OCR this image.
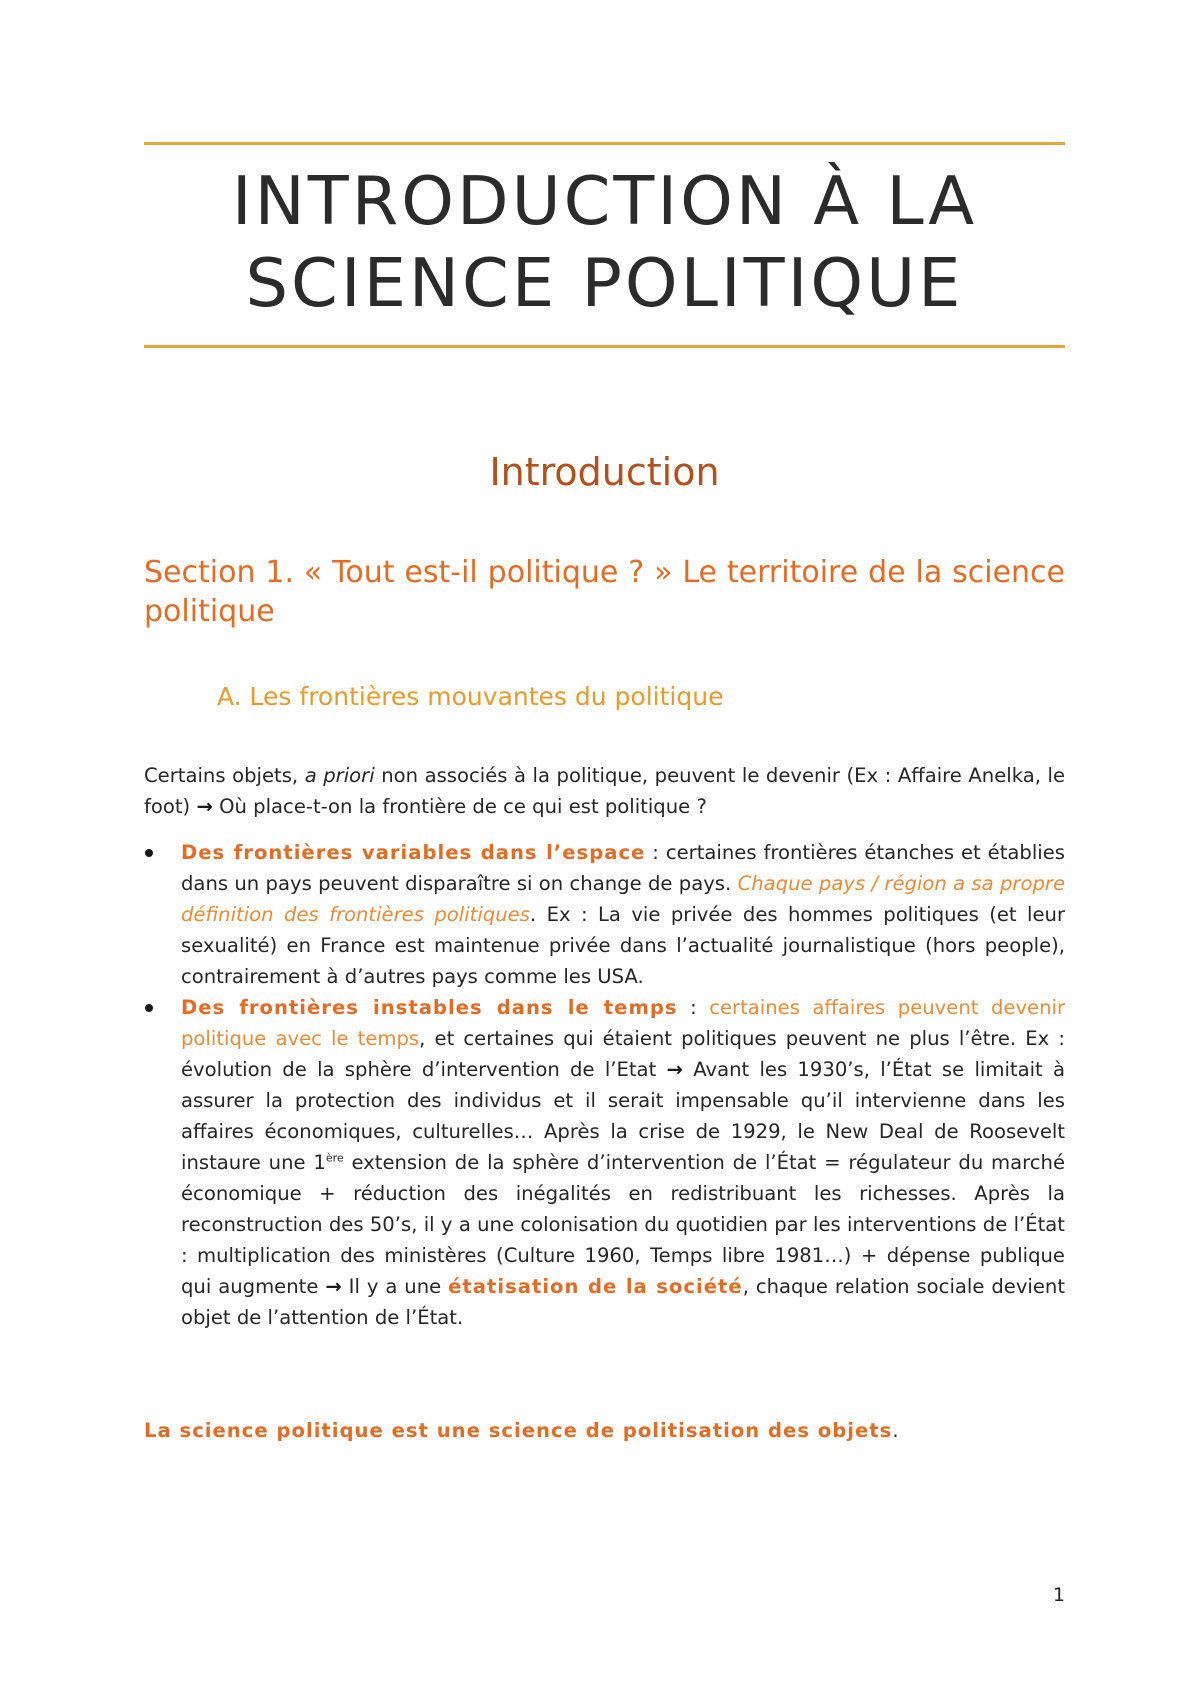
INTRODUCTION À LA
SCIENCE POLITIQUE
Introduction
Section 1. « Tout est-il politique ? » Le territoire de la science politique
A. Les frontières mouvantes du politique

Certains objets, a priori non associés à la politique, peuvent le devenir (Ex : Affaire Anelka, le foot) → Où place-t-on la frontière de ce qui est politique ?

Des frontières variables dans l’espace : certaines frontières étanches et établies dans un pays peuvent disparaître si on change de pays. Chaque pays / région a sa propre définition des frontières politiques. Ex : La vie privée des hommes politiques (et leur sexualité) en France est maintenue privée dans l’actualité journalistique (hors people), contrairement à d’autres pays comme les USA.
Des frontières instables dans le temps : certaines affaires peuvent devenir politique avec le temps, et certaines qui étaient politiques peuvent ne plus l’être. Ex : évolution de la sphère d’intervention de l’Etat → Avant les 1930’s, l’État se limitait à assurer la protection des individus et il serait impensable qu’il intervienne dans les affaires économiques, culturelles… Après la crise de 1929, le New Deal de Roosevelt instaure une 1ère extension de la sphère d’intervention de l’État = régulateur du marché économique + réduction des inégalités en redistribuant les richesses. Après la reconstruction des 50’s, il y a une colonisation du quotidien par les interventions de l’État : multiplication des ministères (Culture 1960, Temps libre 1981…) + dépense publique qui augmente → Il y a une étatisation de la société, chaque relation sociale devient objet de l’attention de l’État.

La science politique est une science de politisation des objets.

1
